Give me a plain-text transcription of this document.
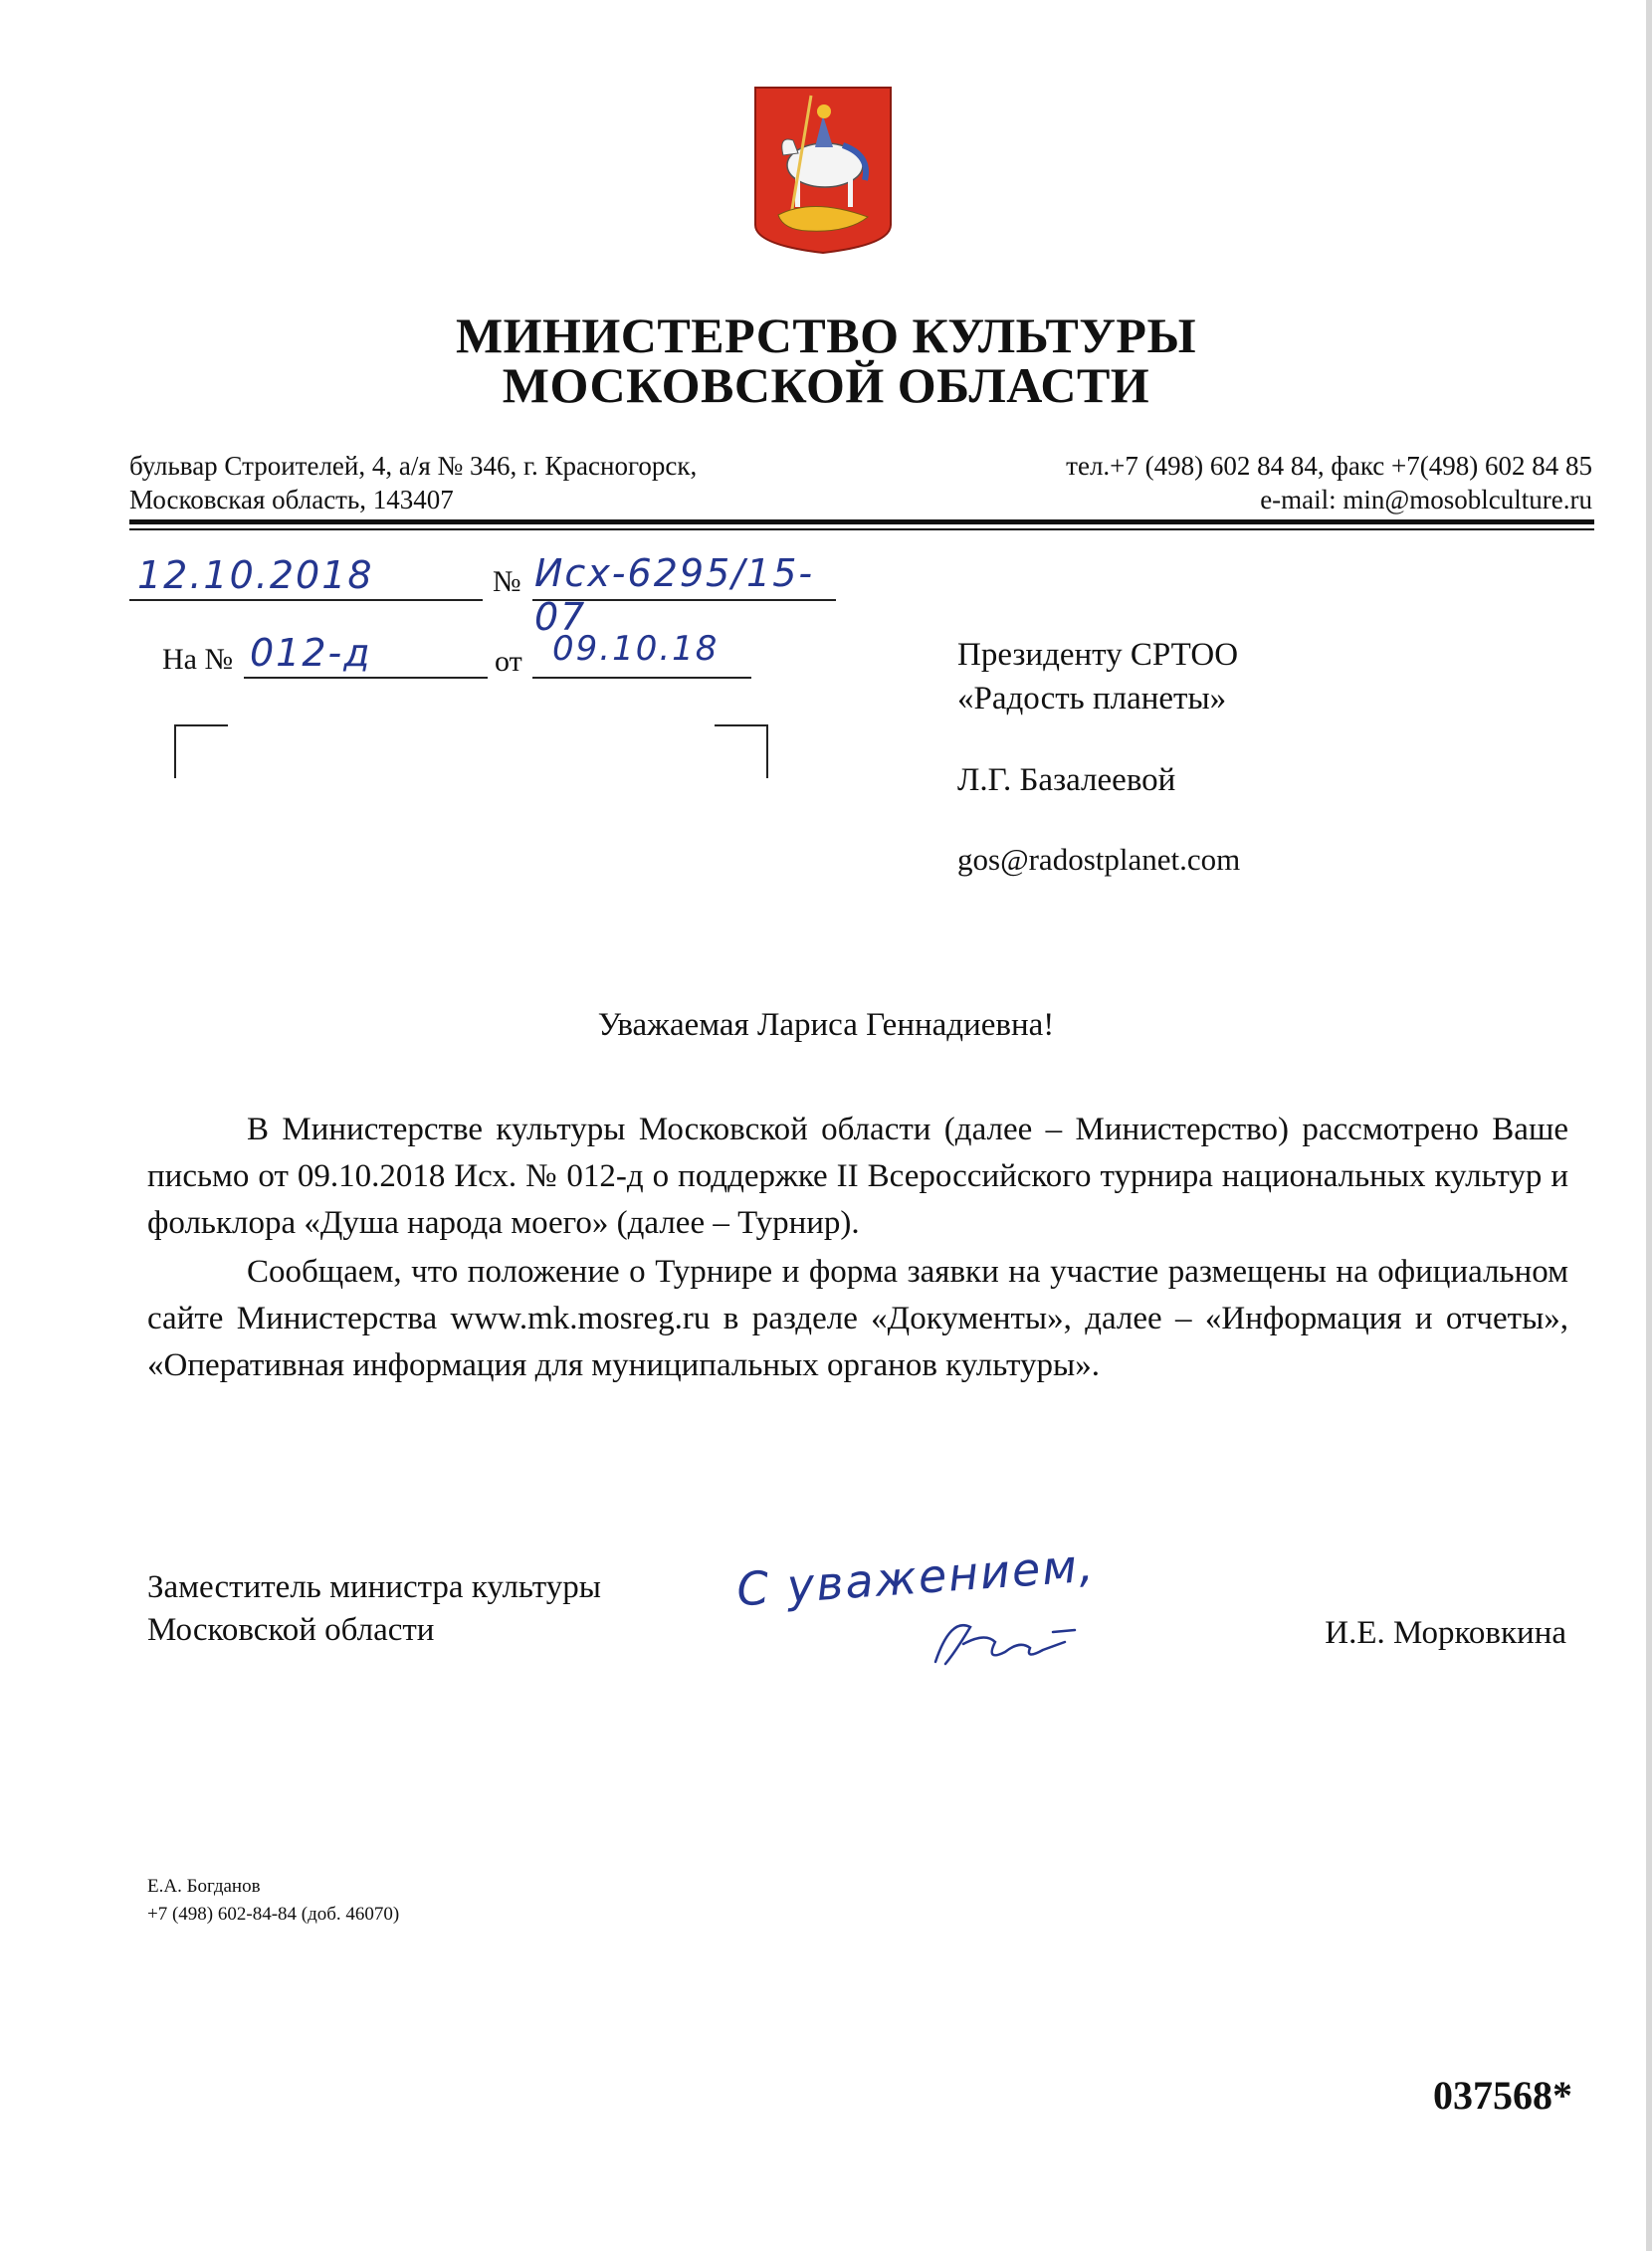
МИНИСТЕРСТВО КУЛЬТУРЫ
МОСКОВСКОЙ ОБЛАСТИ
бульвар Строителей, 4, а/я № 346, г. Красногорск,
Московская область, 143407
тел.+7 (498) 602 84 84, факс +7(498) 602 84 85
e-mail: min@mosoblculture.ru
12.10.2018	№ Исх-6295/15-07
На № 012-д	от 09.10.18	Президенту СРТОО
«Радость планеты»
Л.Г. Базалеевой
gos@radostplanet.com
Уважаемая Лариса Геннадиевна!

В Министерстве культуры Московской области (далее – Министерство) рассмотрено Ваше письмо от 09.10.2018 Исх. № 012-д о поддержке II Всероссийского турнира национальных культур и фольклора «Душа народа моего» (далее – Турнир).

Сообщаем, что положение о Турнире и форма заявки на участие размещены на официальном сайте Министерства www.mk.mosreg.ru в разделе «Документы», далее – «Информация и отчеты», «Оперативная информация для муниципальных органов культуры».

Заместитель министра культуры
Московской области
С уважением,
И.Е. Морковкина
Е.А. Богданов
+7 (498) 602-84-84 (доб. 46070)
037568*
